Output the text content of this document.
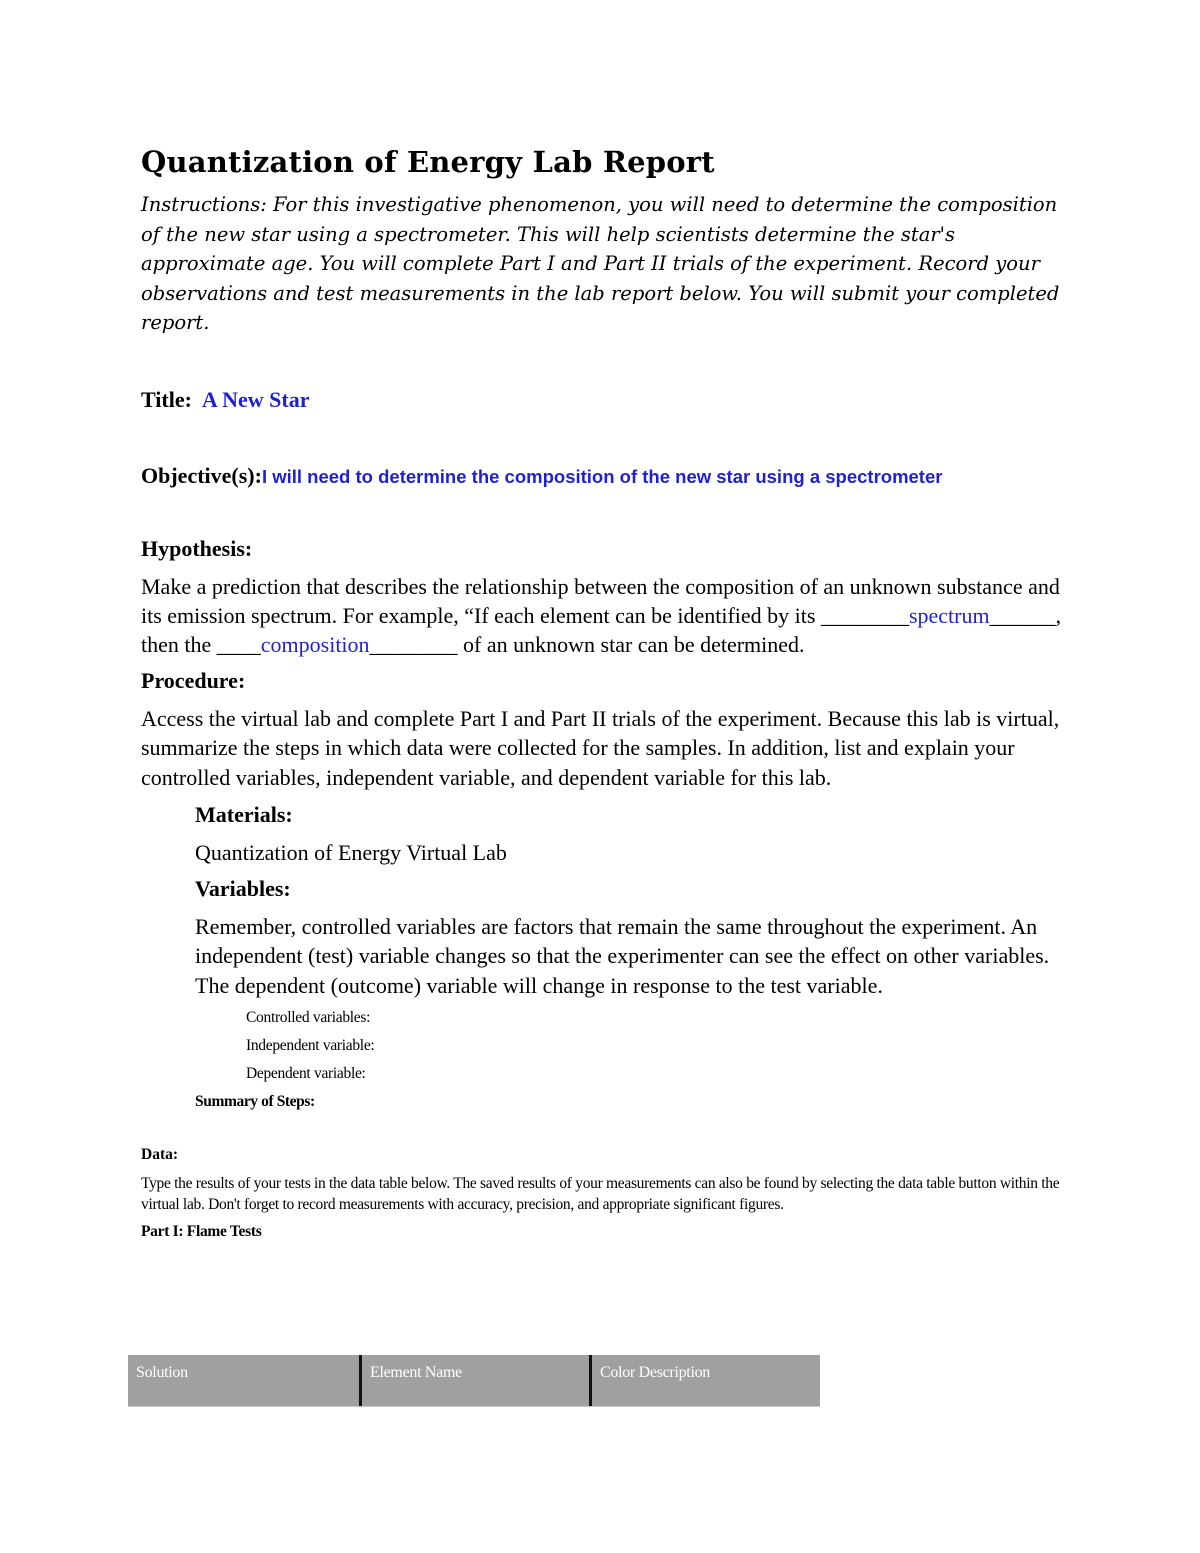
Quantization of Energy Lab Report

Instructions: For this investigative phenomenon, you will need to determine the composition of the new star using a spectrometer. This will help scientists determine the star's approximate age. You will complete Part I and Part II trials of the experiment. Record your observations and test measurements in the lab report below. You will submit your completed report.

Title: A New Star
Objective(s):I will need to determine the composition of the new star using a spectrometer
Hypothesis:

Make a prediction that describes the relationship between the composition of an unknown substance and its emission spectrum. For example, “If each element can be identified by its ________spectrum______, then the ____composition________ of an unknown star can be determined.

Procedure:

Access the virtual lab and complete Part I and Part II trials of the experiment. Because this lab is virtual, summarize the steps in which data were collected for the samples. In addition, list and explain your controlled variables, independent variable, and dependent variable for this lab.

Materials:
Quantization of Energy Virtual Lab
Variables:
Remember, controlled variables are factors that remain the same throughout the experiment. An independent (test) variable changes so that the experimenter can see the effect on other variables. The dependent (outcome) variable will change in response to the test variable.
Controlled variables:
Independent variable:
Dependent variable:
Summary of Steps:
Data:
Type the results of your tests in the data table below. The saved results of your measurements can also be found by selecting the data table button within the virtual lab. Don't forget to record measurements with accuracy, precision, and appropriate significant figures.
Part I: Flame Tests
Solution	Element Name	Color Description
